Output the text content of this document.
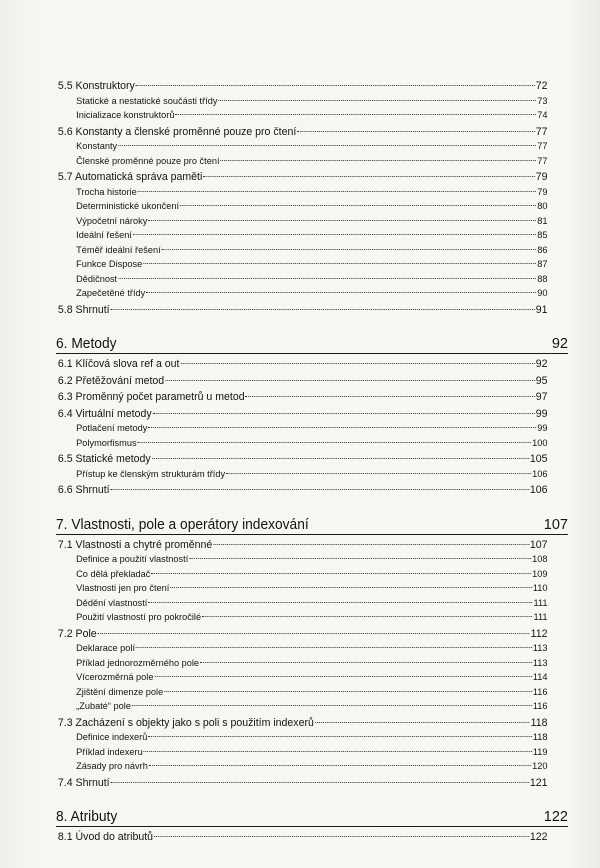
5.5 Konstruktory	72
Statické a nestatické součásti třídy	73
Inicializace konstruktorů	74
5.6 Konstanty a členské proměnné pouze pro čtení	77
Konstanty	77
Členské proměnné pouze pro čtení	77
5.7 Automatická správa paměti	79
Trocha historie	79
Deterministické ukončení	80
Výpočetní nároky	81
Ideální řešení	85
Téměř ideální řešení	86
Funkce Dispose	87
Dědičnost	88
Zapečetěné třídy	90
5.8 Shrnutí	91
6. Metody	92
6.1 Klíčová slova ref a out	92
6.2 Přetěžování metod	95
6.3 Proměnný počet parametrů u metod	97
6.4 Virtuální metody	99
Potlačení metody	99
Polymorfismus	100
6.5 Statické metody	105
Přístup ke členským strukturám třídy	106
6.6 Shrnutí	106
7. Vlastnosti, pole a operátory indexování	107
7.1 Vlastnosti a chytré proměnné	107
Definice a použití vlastností	108
Co dělá překladač	109
Vlastnosti jen pro čtení	110
Dědění vlastností	111
Použití vlastností pro pokročilé	111
7.2 Pole	112
Deklarace polí	113
Příklad jednorozměrného pole	113
Vícerozměrná pole	114
Zjištění dimenze pole	116
„Zubaté“ pole	116
7.3 Zacházení s objekty jako s poli s použitím indexerů	118
Definice indexerů	118
Příklad indexeru	119
Zásady pro návrh	120
7.4 Shrnutí	121
8. Atributy	122
8.1 Úvod do atributů	122
